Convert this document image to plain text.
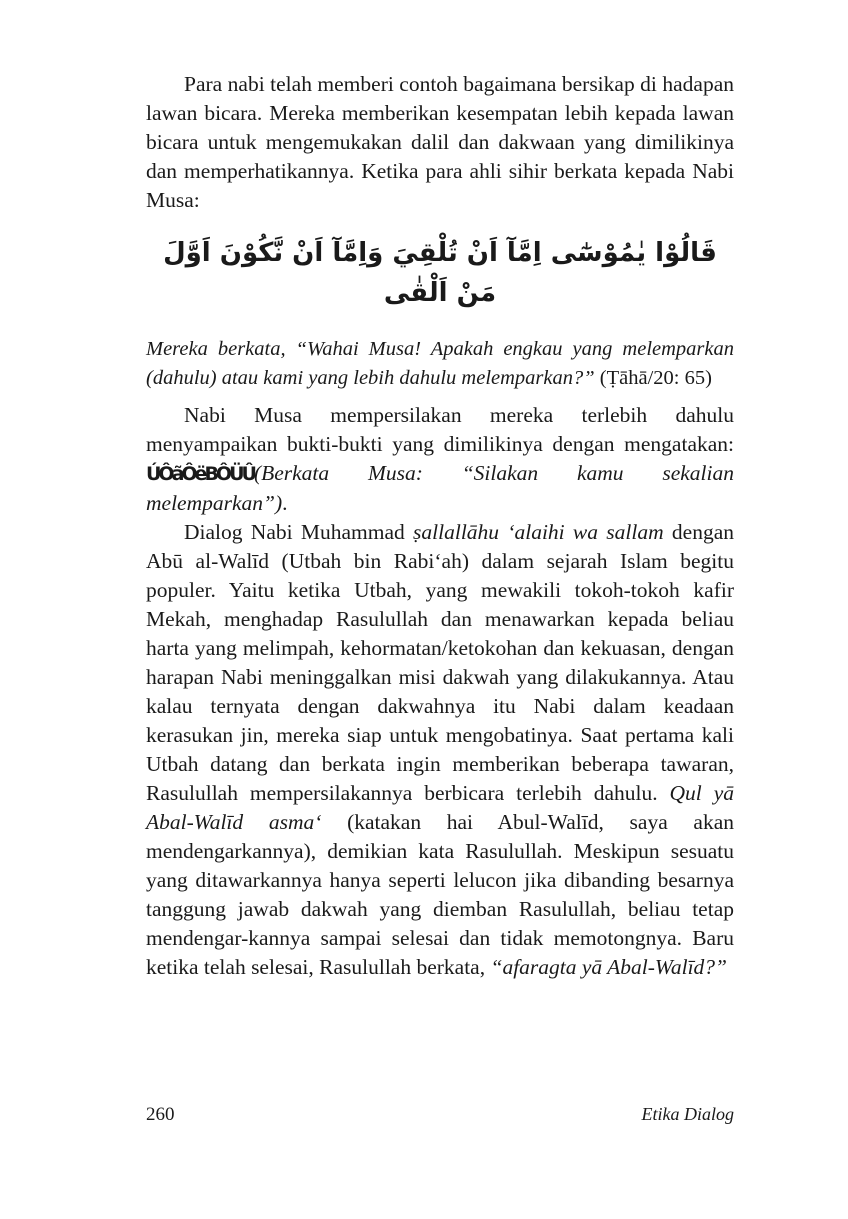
Para nabi telah memberi contoh bagaimana bersikap di hadapan lawan bicara. Mereka memberikan kesempatan lebih kepada lawan bicara untuk mengemukakan dalil dan dakwaan yang dimilikinya dan memperhatikannya. Ketika para ahli sihir berkata kepada Nabi Musa:

قَالُوْا يٰمُوْسٰٓى اِمَّآ اَنْ تُلْقِيَ وَاِمَّآ اَنْ نَّكُوْنَ اَوَّلَ مَنْ اَلْقٰى

Mereka berkata, “Wahai Musa! Apakah engkau yang melemparkan (dahulu) atau kami yang lebih dahulu melemparkan?” (Ṭāhā/20: 65)

Nabi Musa mempersilakan mereka terlebih dahulu menyampaikan bukti-bukti yang dimilikinya dengan mengatakan: ÚÔãÔëBÔÜÛ(Berkata Musa: “Silakan kamu sekalian melemparkan”).

Dialog Nabi Muhammad ṣallallāhu ‘alaihi wa sallam dengan Abū al-Walīd (Utbah bin Rabi‘ah) dalam sejarah Islam begitu populer. Yaitu ketika Utbah, yang mewakili tokoh-tokoh kafir Mekah, menghadap Rasulullah dan menawarkan kepada beliau harta yang melimpah, kehormatan/ketokohan dan kekuasan, dengan harapan Nabi meninggalkan misi dakwah yang dilakukannya. Atau kalau ternyata dengan dakwahnya itu Nabi dalam keadaan kerasukan jin, mereka siap untuk mengobatinya. Saat pertama kali Utbah datang dan berkata ingin memberikan beberapa tawaran, Rasulullah mempersilakannya berbicara terlebih dahulu. Qul yā Abal-Walīd asma‘ (katakan hai Abul-Walīd, saya akan mendengarkannya), demikian kata Rasulullah. Meskipun sesuatu yang ditawarkannya hanya seperti lelucon jika dibanding besarnya tanggung jawab dakwah yang diemban Rasulullah, beliau tetap mendengar-kannya sampai selesai dan tidak memotongnya. Baru ketika telah selesai, Rasulullah berkata, “afaragta yā Abal-Walīd?”

260	Etika Dialog
